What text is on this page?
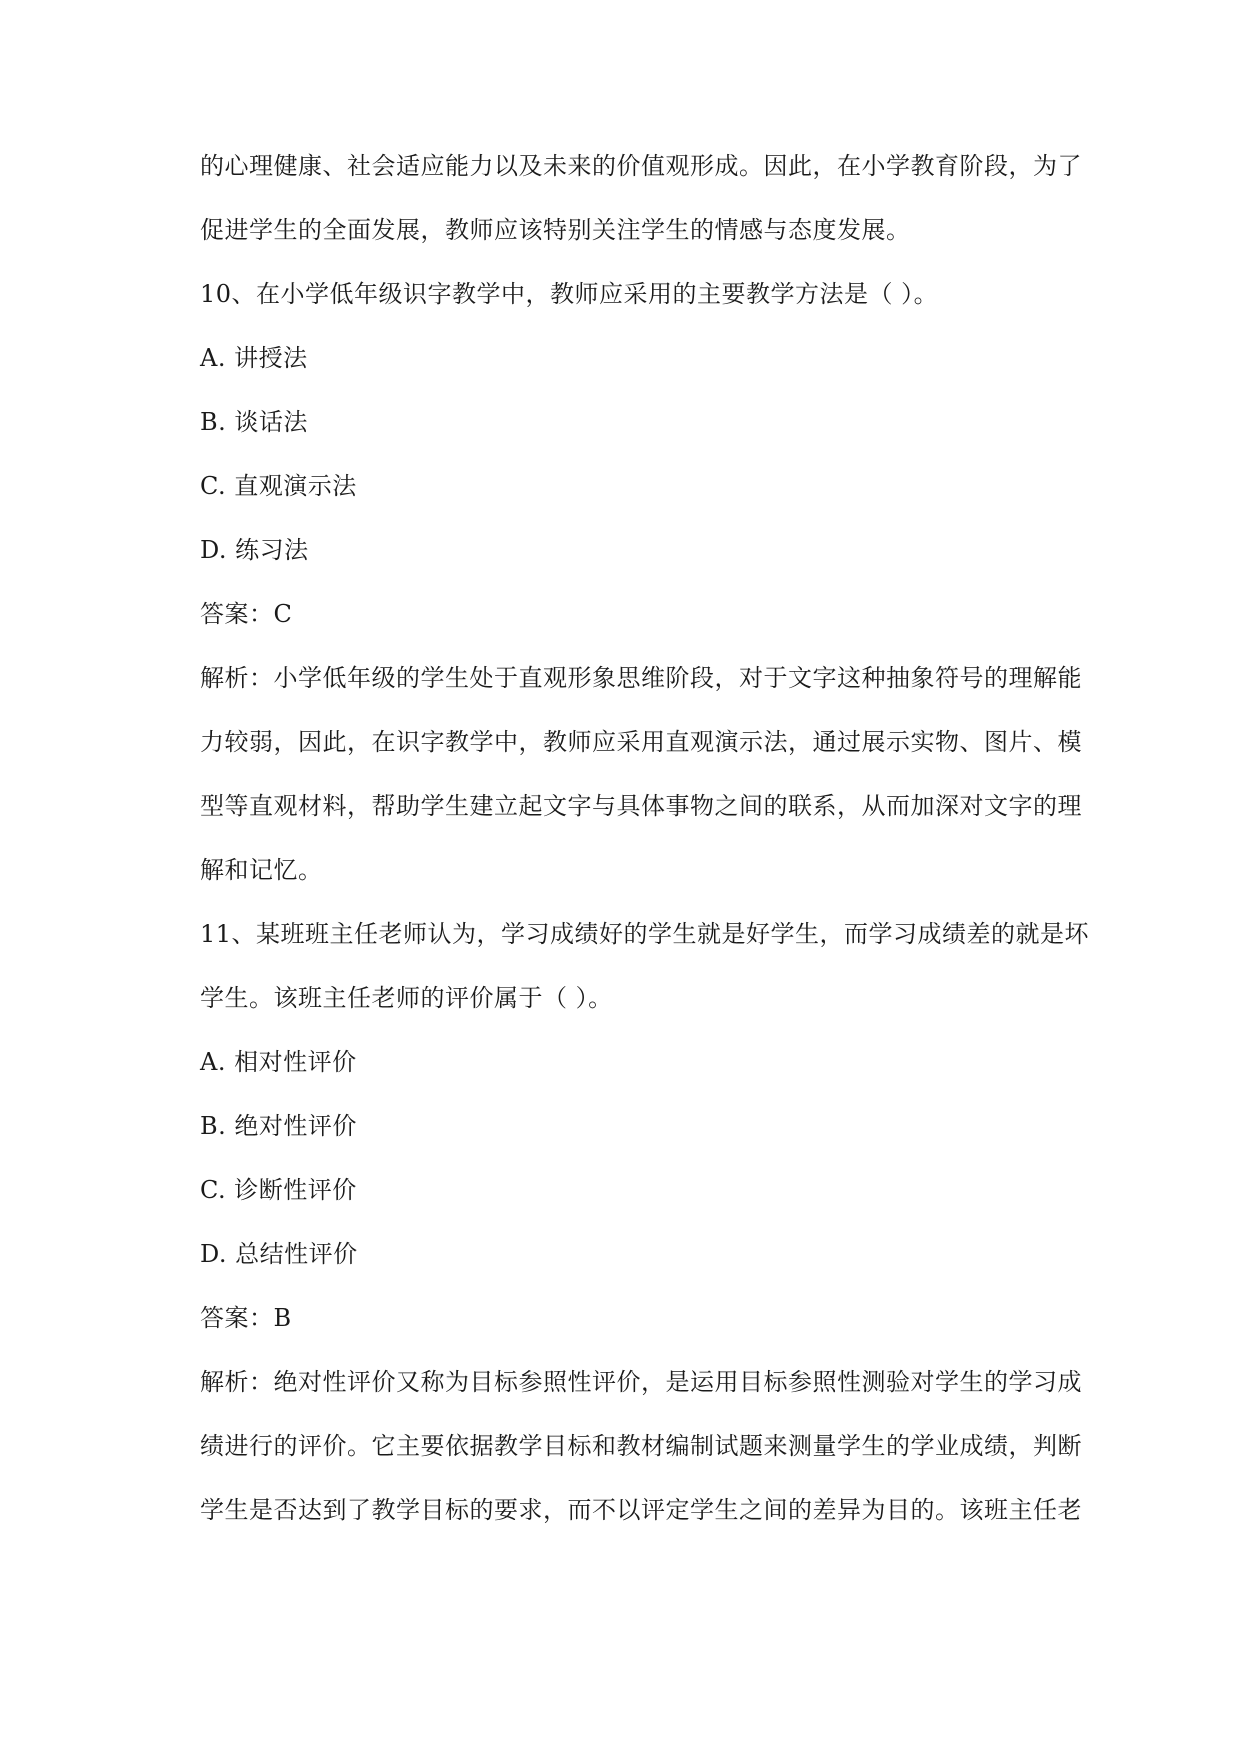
的心理健康、社会适应能力以及未来的价值观形成。因此，在小学教育阶段，为了
促进学生的全面发展，教师应该特别关注学生的情感与态度发展。
10、在小学低年级识字教学中，教师应采用的主要教学方法是（ ）。
A. 讲授法
B. 谈话法
C. 直观演示法
D. 练习法
答案：C
解析：小学低年级的学生处于直观形象思维阶段，对于文字这种抽象符号的理解能
力较弱，因此，在识字教学中，教师应采用直观演示法，通过展示实物、图片、模
型等直观材料，帮助学生建立起文字与具体事物之间的联系，从而加深对文字的理
解和记忆。
11、某班班主任老师认为，学习成绩好的学生就是好学生，而学习成绩差的就是坏
学生。该班主任老师的评价属于（ ）。
A. 相对性评价
B. 绝对性评价
C. 诊断性评价
D. 总结性评价
答案：B
解析：绝对性评价又称为目标参照性评价，是运用目标参照性测验对学生的学习成
绩进行的评价。它主要依据教学目标和教材编制试题来测量学生的学业成绩，判断
学生是否达到了教学目标的要求，而不以评定学生之间的差异为目的。该班主任老
